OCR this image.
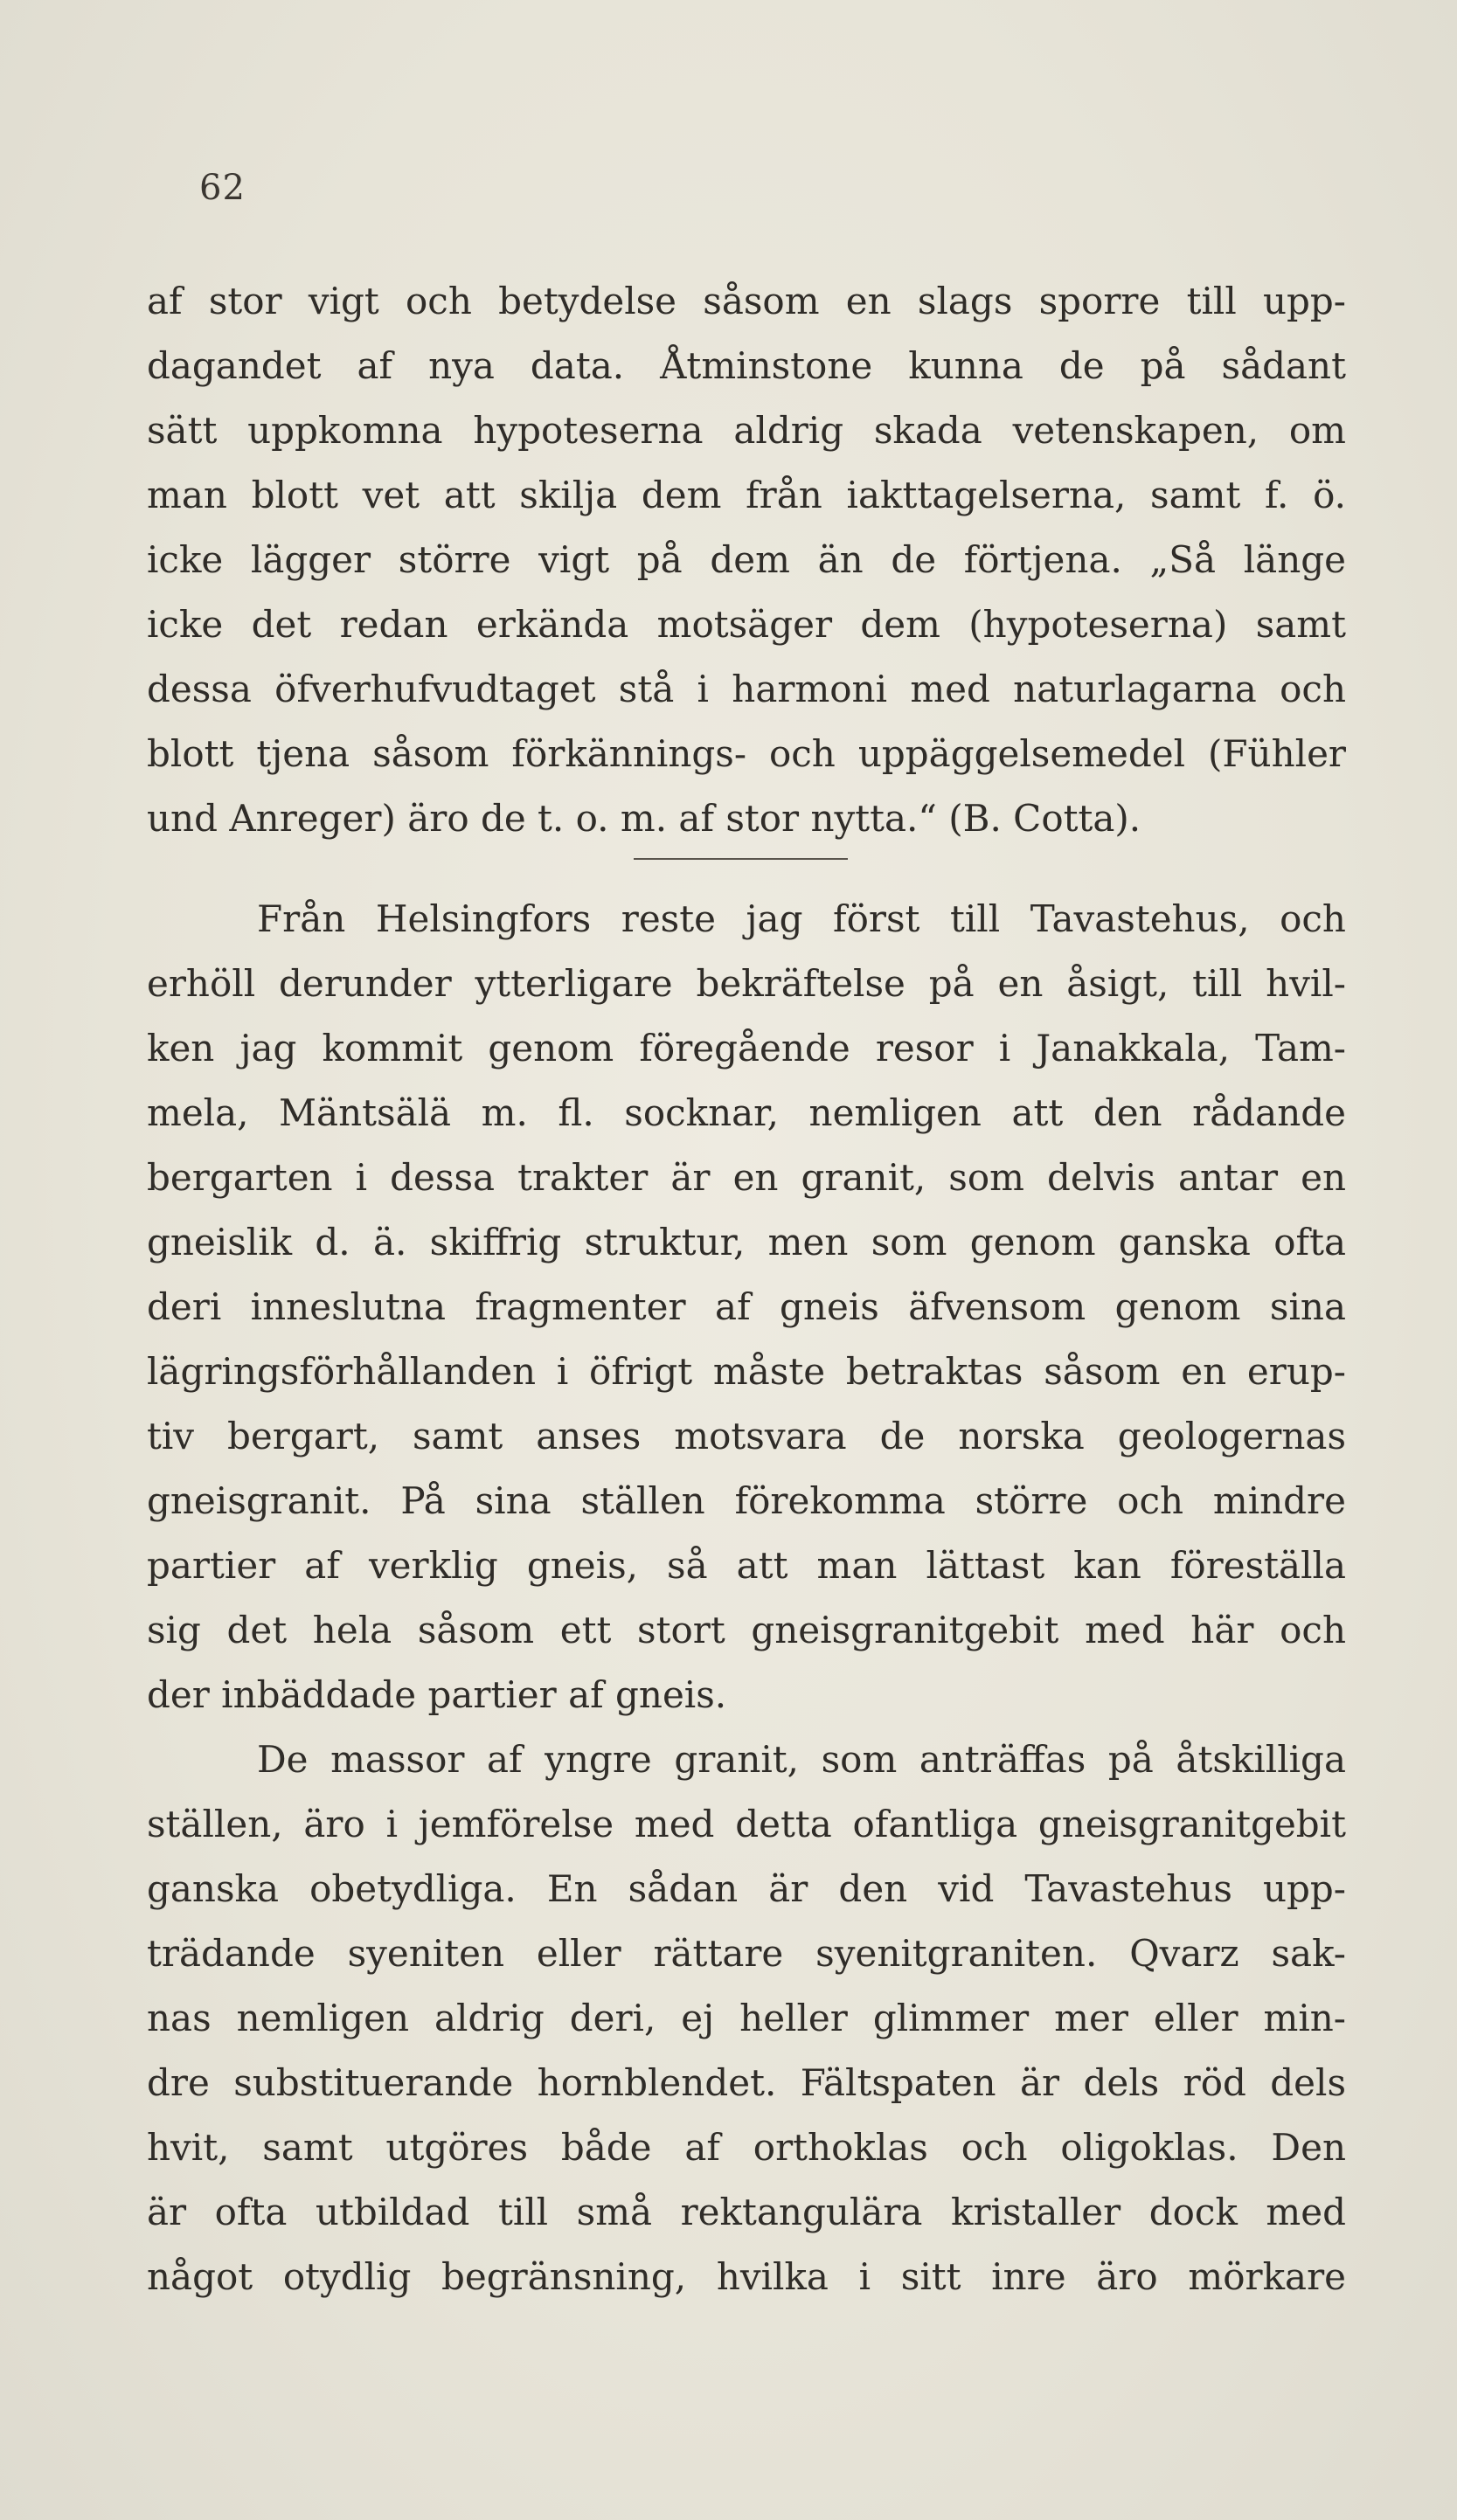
62
af stor vigt och betydelse såsom en slags sporre till upp-
dagandet af nya data. Åtminstone kunna de på sådant
sätt uppkomna hypoteserna aldrig skada vetenskapen, om
man blott vet att skilja dem från iakttagelserna, samt f. ö.
icke lägger större vigt på dem än de förtjena. „Så länge
icke det redan erkända motsäger dem (hypoteserna) samt
dessa öfverhufvudtaget stå i harmoni med naturlagarna och
blott tjena såsom förkännings- och uppäggelsemedel (Fühler
und Anreger) äro de t. o. m. af stor nytta.“ (B. Cotta).
Från Helsingfors reste jag först till Tavastehus, och
erhöll derunder ytterligare bekräftelse på en åsigt, till hvil-
ken jag kommit genom föregående resor i Janakkala, Tam-
mela, Mäntsälä m. fl. socknar, nemligen att den rådande
bergarten i dessa trakter är en granit, som delvis antar en
gneislik d. ä. skiffrig struktur, men som genom ganska ofta
deri inneslutna fragmenter af gneis äfvensom genom sina
lägringsförhållanden i öfrigt måste betraktas såsom en erup-
tiv bergart, samt anses motsvara de norska geologernas
gneisgranit. På sina ställen förekomma större och mindre
partier af verklig gneis, så att man lättast kan föreställa
sig det hela såsom ett stort gneisgranitgebit med här och
der inbäddade partier af gneis.
De massor af yngre granit, som anträffas på åtskilliga
ställen, äro i jemförelse med detta ofantliga gneisgranitgebit
ganska obetydliga. En sådan är den vid Tavastehus upp-
trädande syeniten eller rättare syenitgraniten. Qvarz sak-
nas nemligen aldrig deri, ej heller glimmer mer eller min-
dre substituerande hornblendet. Fältspaten är dels röd dels
hvit, samt utgöres både af orthoklas och oligoklas. Den
är ofta utbildad till små rektangulära kristaller dock med
något otydlig begränsning, hvilka i sitt inre äro mörkare
